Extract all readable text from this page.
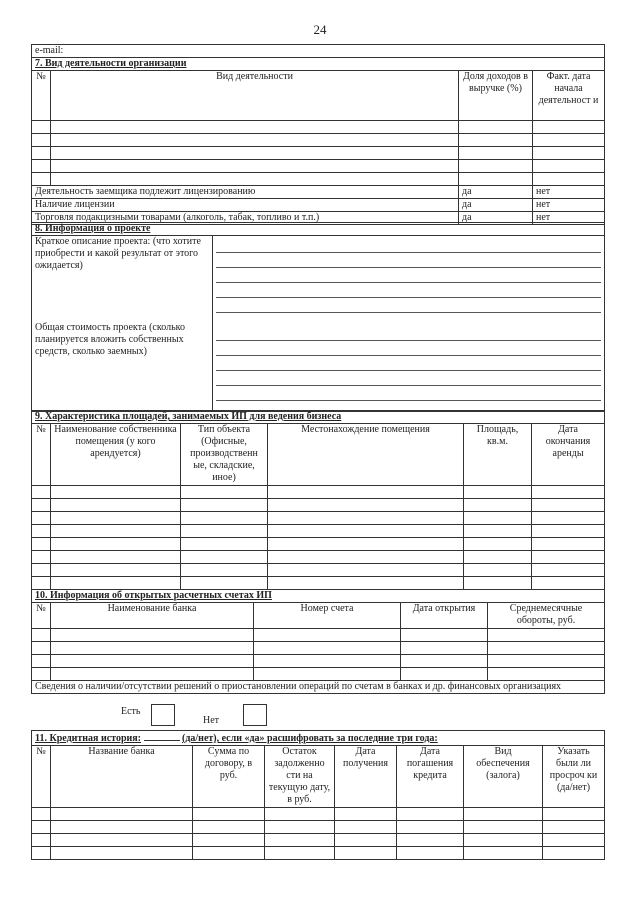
24
e-mail:			
7. Вид деятельности организации			
№	Вид деятельности	Доля доходов в выручке (%)	Факт. дата начала деятельност и

Деятельность заемщика подлежит лицензированию		да	нет
Наличие лицензии		да	нет
Торговля подакцизными товарами (алкоголь, табак, топливо и т.п.)		да	нет
8. Информация о проекте	
Краткое описание проекта: (что хотите приобрести и какой результат от этого ожидается)	

Общая стоимость проекта (сколько планируется вложить собственных средств, сколько заемных)	
9. Характеристика площадей, занимаемых ИП для ведения бизнеса					
№	Наименование собственника помещения (у кого арендуется)	Тип объекта (Офисные, производственн ые, складские, иное)	Местонахождение помещения	Площадь, кв.м.	Дата окончания аренды

10. Информация об открытых расчетных счетах ИП				
№	Наименование банка	Номер счета	Дата открытия	Среднемесячные обороты, руб.

Сведения о наличии/отсутствии решений о приостановлении операций по счетам в банках и др. финансовых организациях				
Есть
Нет
11. Кредитная история: (да/нет), если «да» расшифровать за последние три года:							
№	Название банка	Сумма по договору, в руб.	Остаток задолженно сти на текущую дату, в руб.	Дата получения	Дата погашения кредита	Вид обеспечения (залога)	Указать были ли просроч ки (да/нет)
